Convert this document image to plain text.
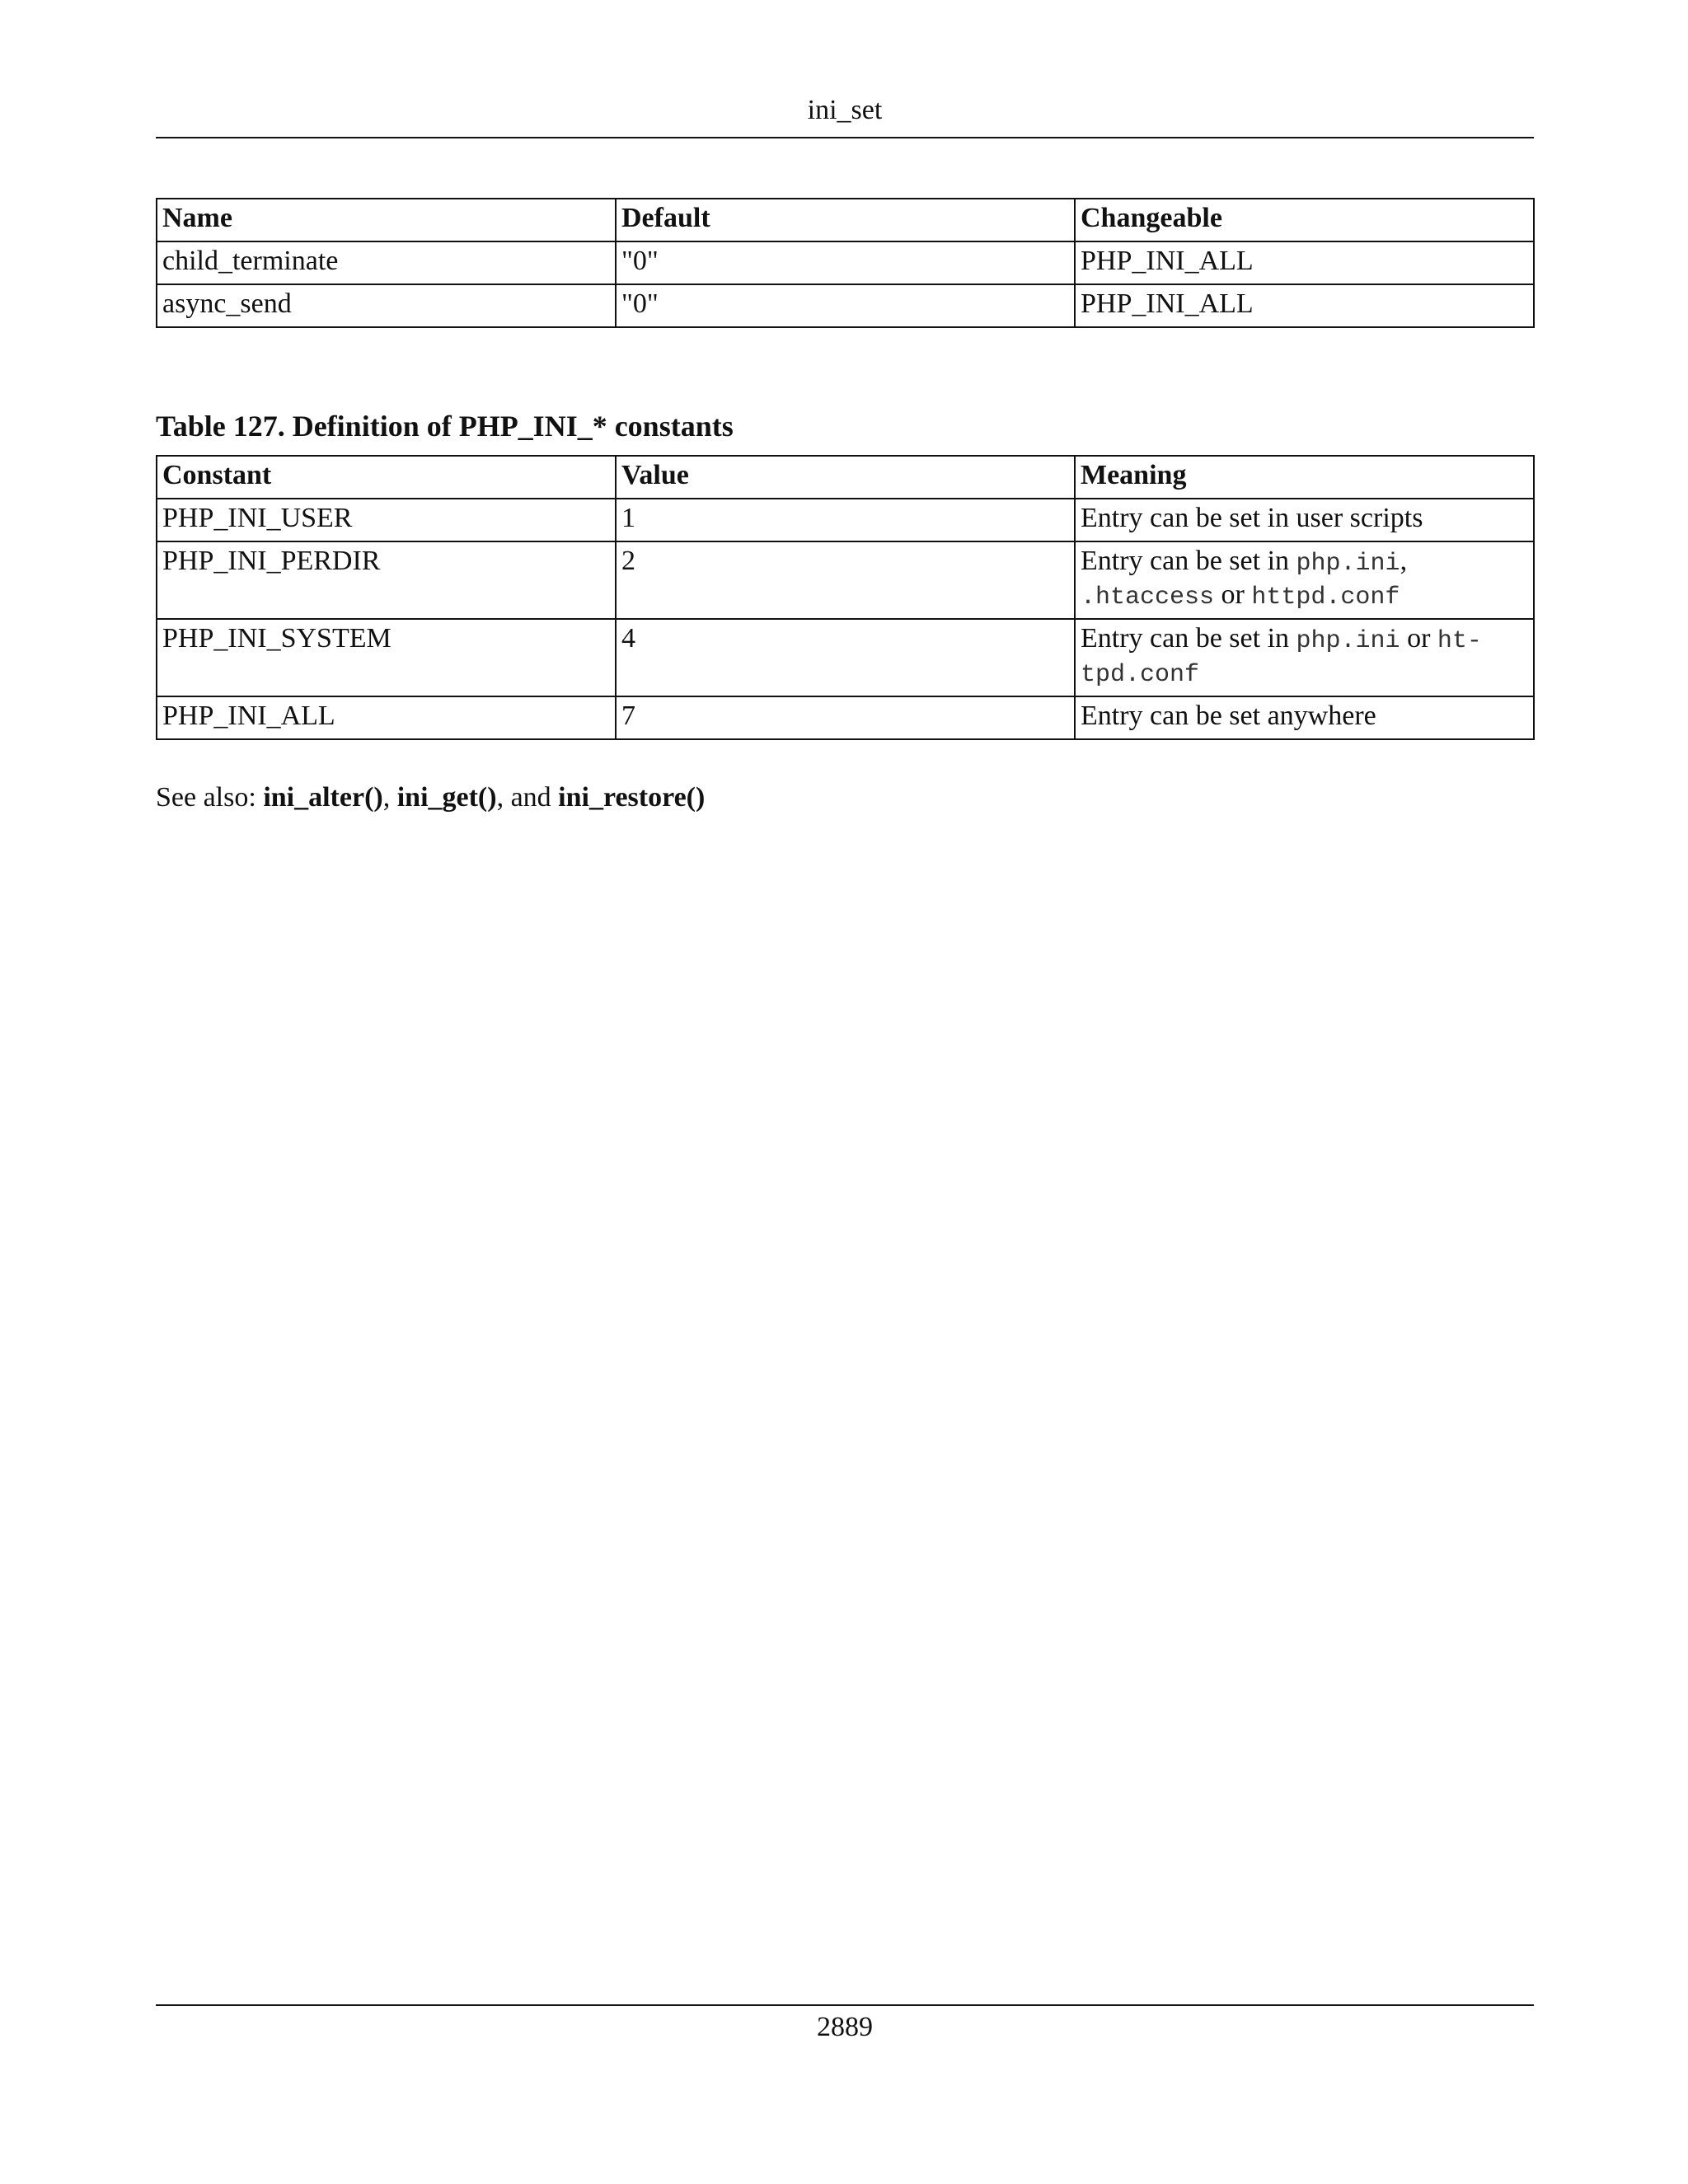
ini_set
Name	Default	Changeable
child_terminate	"0"	PHP_INI_ALL
async_send	"0"	PHP_INI_ALL
Table 127. Definition of PHP_INI_* constants
Constant	Value	Meaning
PHP_INI_USER	1	Entry can be set in user scripts
PHP_INI_PERDIR	2	Entry can be set in php.ini, .htaccess or httpd.conf
PHP_INI_SYSTEM	4	Entry can be set in php.ini or ht-tpd.conf
PHP_INI_ALL	7	Entry can be set anywhere
See also: ini_alter(), ini_get(), and ini_restore()
2889
